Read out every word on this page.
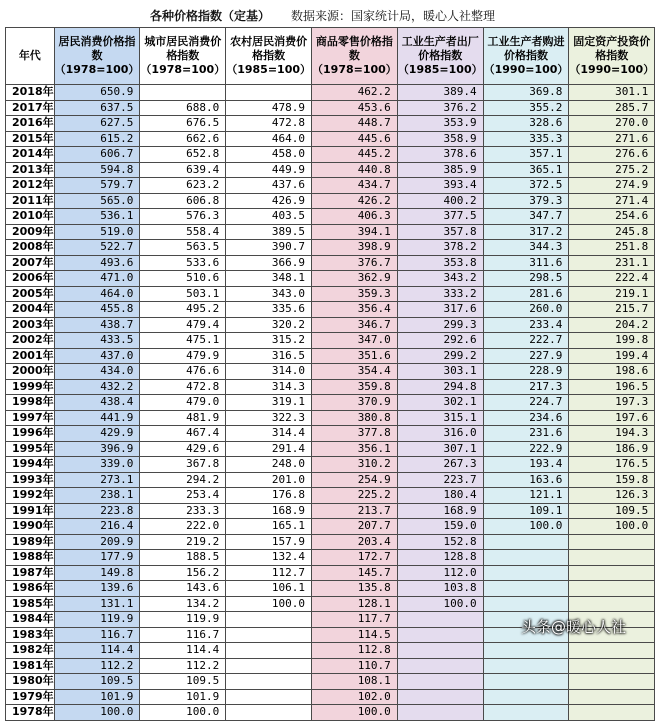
各种价格指数（定基） 数据来源：国家统计局，暖心人社整理
年代	居民消费价格指数（1978=100）	城市居民消费价格指数（1978=100）	农村居民消费价格指数（1985=100）	商品零售价格指数（1978=100）	工业生产者出厂价格指数（1985=100）	工业生产者购进价格指数（1990=100）	固定资产投资价格指数（1990=100）
2018年	650.9			462.2	389.4	369.8	301.1
2017年	637.5	688.0	478.9	453.6	376.2	355.2	285.7
2016年	627.5	676.5	472.8	448.7	353.9	328.6	270.0
2015年	615.2	662.6	464.0	445.6	358.9	335.3	271.6
2014年	606.7	652.8	458.0	445.2	378.6	357.1	276.6
2013年	594.8	639.4	449.9	440.8	385.9	365.1	275.2
2012年	579.7	623.2	437.6	434.7	393.4	372.5	274.9
2011年	565.0	606.8	426.9	426.2	400.2	379.3	271.4
2010年	536.1	576.3	403.5	406.3	377.5	347.7	254.6
2009年	519.0	558.4	389.5	394.1	357.8	317.2	245.8
2008年	522.7	563.5	390.7	398.9	378.2	344.3	251.8
2007年	493.6	533.6	366.9	376.7	353.8	311.6	231.1
2006年	471.0	510.6	348.1	362.9	343.2	298.5	222.4
2005年	464.0	503.1	343.0	359.3	333.2	281.6	219.1
2004年	455.8	495.2	335.6	356.4	317.6	260.0	215.7
2003年	438.7	479.4	320.2	346.7	299.3	233.4	204.2
2002年	433.5	475.1	315.2	347.0	292.6	222.7	199.8
2001年	437.0	479.9	316.5	351.6	299.2	227.9	199.4
2000年	434.0	476.6	314.0	354.4	303.1	228.9	198.6
1999年	432.2	472.8	314.3	359.8	294.8	217.3	196.5
1998年	438.4	479.0	319.1	370.9	302.1	224.7	197.3
1997年	441.9	481.9	322.3	380.8	315.1	234.6	197.6
1996年	429.9	467.4	314.4	377.8	316.0	231.6	194.3
1995年	396.9	429.6	291.4	356.1	307.1	222.9	186.9
1994年	339.0	367.8	248.0	310.2	267.3	193.4	176.5
1993年	273.1	294.2	201.0	254.9	223.7	163.6	159.8
1992年	238.1	253.4	176.8	225.2	180.4	121.1	126.3
1991年	223.8	233.3	168.9	213.7	168.9	109.1	109.5
1990年	216.4	222.0	165.1	207.7	159.0	100.0	100.0
1989年	209.9	219.2	157.9	203.4	152.8		
1988年	177.9	188.5	132.4	172.7	128.8		
1987年	149.8	156.2	112.7	145.7	112.0		
1986年	139.6	143.6	106.1	135.8	103.8		
1985年	131.1	134.2	100.0	128.1	100.0		
1984年	119.9	119.9		117.7			
1983年	116.7	116.7		114.5			
1982年	114.4	114.4		112.8			
1981年	112.2	112.2		110.7			
1980年	109.5	109.5		108.1			
1979年	101.9	101.9		102.0			
1978年	100.0	100.0		100.0			
头条@暖心人社
